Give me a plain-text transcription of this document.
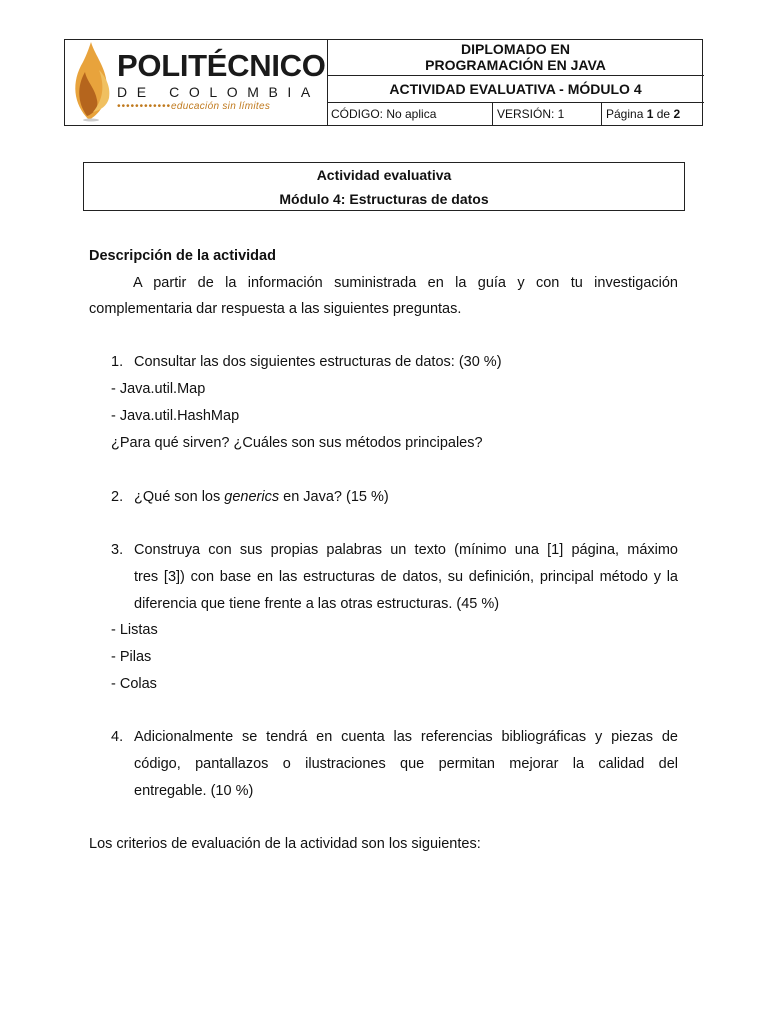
POLITÉCNICO
DE COLOMBIA
••••••••••••educación sin límites
DIPLOMADO EN
PROGRAMACIÓN EN JAVA
ACTIVIDAD EVALUATIVA - MÓDULO 4
CÓDIGO: No aplica	VERSIÓN: 1	Página 1 de 2
Actividad evaluativa
Módulo 4: Estructuras de datos
Descripción de la actividad
A partir de la información suministrada en la guía y con tu investigación
complementaria dar respuesta a las siguientes preguntas.
1. Consultar las dos siguientes estructuras de datos: (30 %)
- Java.util.Map
- Java.util.HashMap
¿Para qué sirven? ¿Cuáles son sus métodos principales?
2. ¿Qué son los generics en Java? (15 %)
3. Construya con sus propias palabras un texto (mínimo una [1] página, máximo
tres [3]) con base en las estructuras de datos, su definición, principal método y la
diferencia que tiene frente a las otras estructuras. (45 %)
- Listas
- Pilas
- Colas
4. Adicionalmente se tendrá en cuenta las referencias bibliográficas y piezas de
código, pantallazos o ilustraciones que permitan mejorar la calidad del
entregable. (10 %)
Los criterios de evaluación de la actividad son los siguientes:
